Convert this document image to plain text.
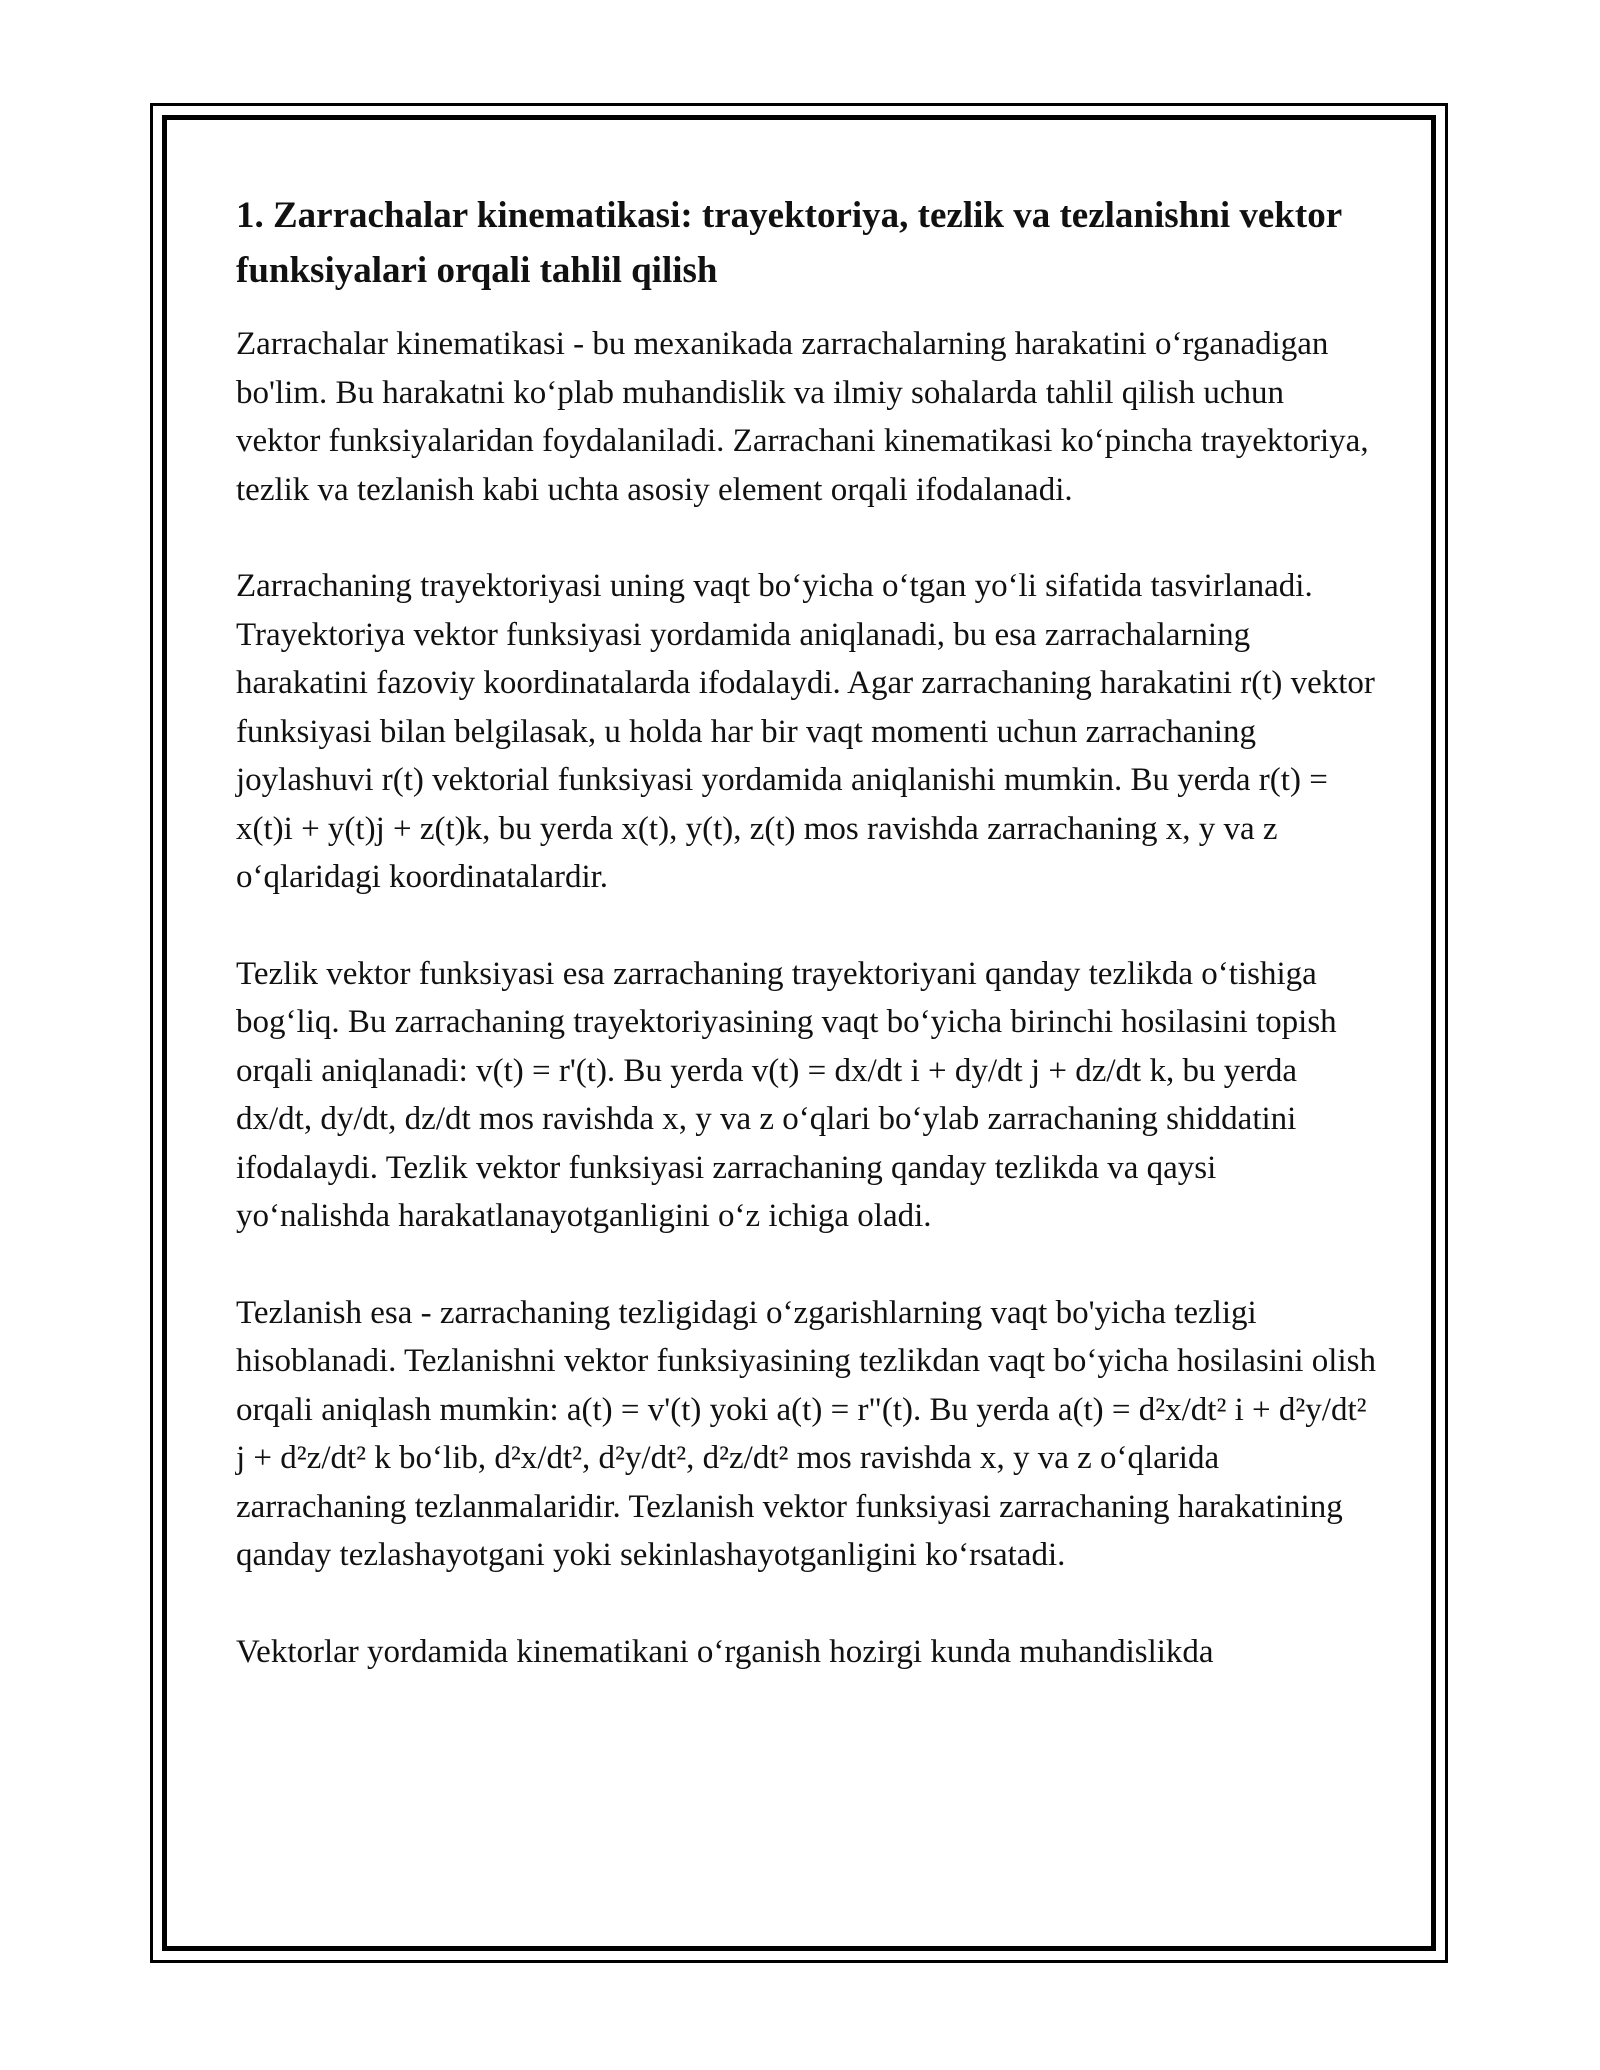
1. Zarrachalar kinematikasi: trayektoriya, tezlik va tezlanishni vektor funksiyalari orqali tahlil qilish

Zarrachalar kinematikasi - bu mexanikada zarrachalarning harakatini o‘rganadigan bo'lim. Bu harakatni ko‘plab muhandislik va ilmiy sohalarda tahlil qilish uchun vektor funksiyalaridan foydalaniladi. Zarrachani kinematikasi ko‘pincha trayektoriya, tezlik va tezlanish kabi uchta asosiy element orqali ifodalanadi.

Zarrachaning trayektoriyasi uning vaqt bo‘yicha o‘tgan yo‘li sifatida tasvirlanadi. Trayektoriya vektor funksiyasi yordamida aniqlanadi, bu esa zarrachalarning harakatini fazoviy koordinatalarda ifodalaydi. Agar zarrachaning harakatini r(t) vektor funksiyasi bilan belgilasak, u holda har bir vaqt momenti uchun zarrachaning joylashuvi r(t) vektorial funksiyasi yordamida aniqlanishi mumkin. Bu yerda r(t) = x(t)i + y(t)j + z(t)k, bu yerda x(t), y(t), z(t) mos ravishda zarrachaning x, y va z o‘qlaridagi koordinatalardir.

Tezlik vektor funksiyasi esa zarrachaning trayektoriyani qanday tezlikda o‘tishiga bog‘liq. Bu zarrachaning trayektoriyasining vaqt bo‘yicha birinchi hosilasini topish orqali aniqlanadi: v(t) = r'(t). Bu yerda v(t) = dx/dt i + dy/dt j + dz/dt k, bu yerda dx/dt, dy/dt, dz/dt mos ravishda x, y va z o‘qlari bo‘ylab zarrachaning shiddatini ifodalaydi. Tezlik vektor funksiyasi zarrachaning qanday tezlikda va qaysi yo‘nalishda harakatlanayotganligini o‘z ichiga oladi.

Tezlanish esa - zarrachaning tezligidagi o‘zgarishlarning vaqt bo'yicha tezligi hisoblanadi. Tezlanishni vektor funksiyasining tezlikdan vaqt bo‘yicha hosilasini olish orqali aniqlash mumkin: a(t) = v'(t) yoki a(t) = r"(t). Bu yerda a(t) = d²x/dt² i + d²y/dt² j + d²z/dt² k bo‘lib, d²x/dt², d²y/dt², d²z/dt² mos ravishda x, y va z o‘qlarida zarrachaning tezlanmalaridir. Tezlanish vektor funksiyasi zarrachaning harakatining qanday tezlashayotgani yoki sekinlashayotganligini ko‘rsatadi.

Vektorlar yordamida kinematikani o‘rganish hozirgi kunda muhandislikda
